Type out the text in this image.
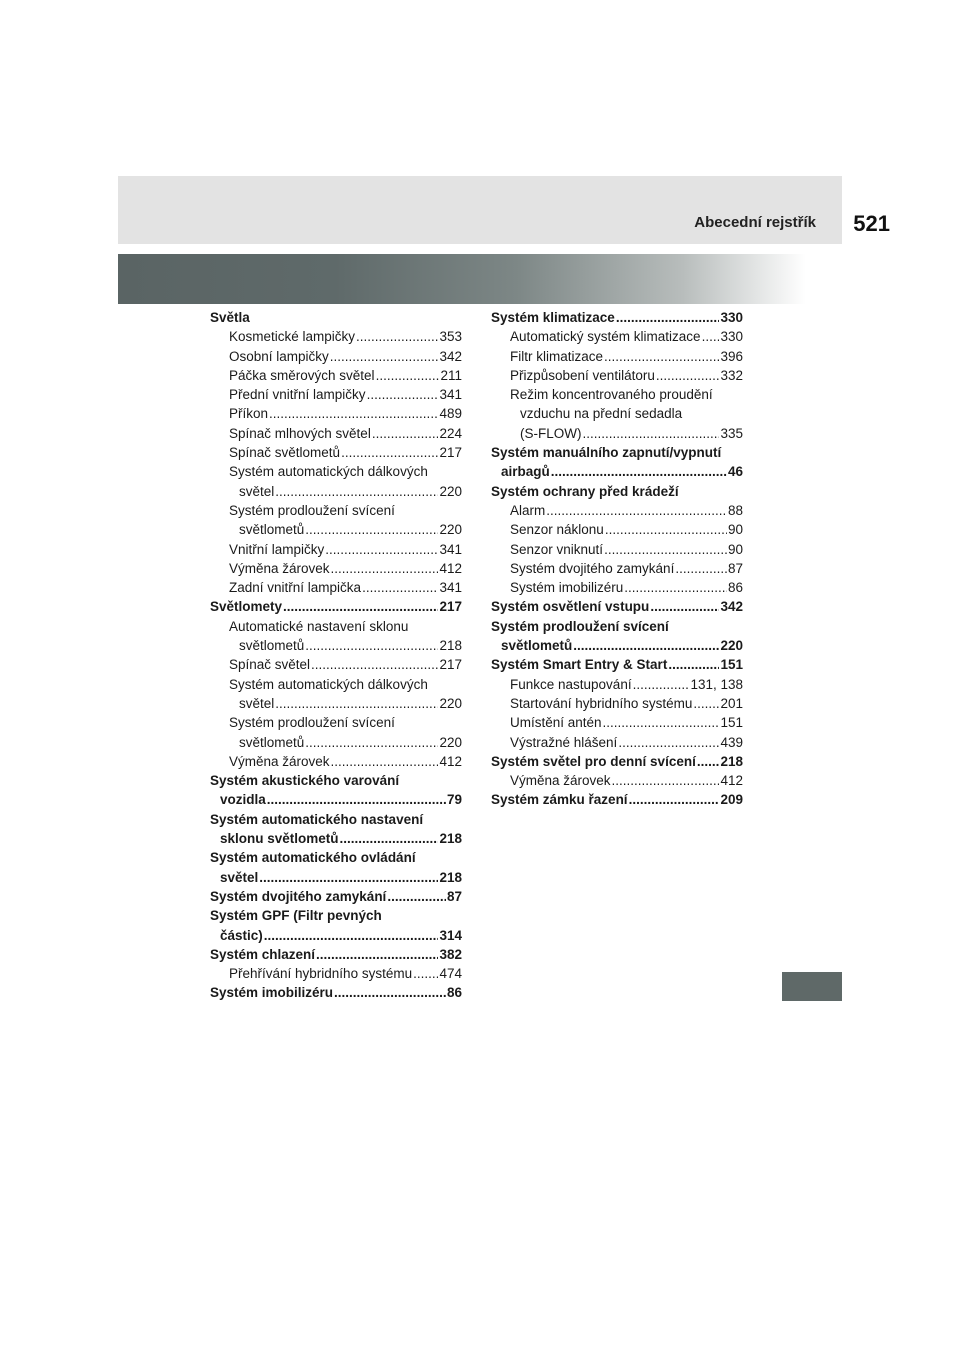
Abecední rejstřík 521
Světla
Kosmetické lampičky .....	353
Osobní lampičky .....	342
Páčka směrových světel .....	211
Přední vnitřní lampičky .....	341
Příkon .....	489
Spínač mlhových světel .....	224
Spínač světlometů .....	217
Systém automatických dálkových
světel .....	220
Systém prodloužení svícení
světlometů .....	220
Vnitřní lampičky .....	341
Výměna žárovek .....	412
Zadní vnitřní lampička .....	341
Světlomety .....	217
Automatické nastavení sklonu
světlometů .....	218
Spínač světel .....	217
Systém automatických dálkových
světel .....	220
Systém prodloužení svícení
světlometů .....	220
Výměna žárovek .....	412
Systém akustického varování
vozidla .....	79
Systém automatického nastavení
sklonu světlometů .....	218
Systém automatického ovládání
světel .....	218
Systém dvojitého zamykání .....	87
Systém GPF (Filtr pevných
částic) .....	314
Systém chlazení .....	382
Přehřívání hybridního systému ..... 474
Systém imobilizéru .....	86
Systém klimatizace .....	330
Automatický systém klimatizace ..... 330
Filtr klimatizace .....	396
Přizpůsobení ventilátoru .....	332
Režim koncentrovaného proudění
vzduchu na přední sedadla
(S-FLOW) .....	335
Systém manuálního zapnutí/vypnutí
airbagů .....	46
Systém ochrany před krádeží
Alarm .....	88
Senzor náklonu .....	90
Senzor vniknutí .....	90
Systém dvojitého zamykání .....	87
Systém imobilizéru .....	86
Systém osvětlení vstupu .....	342
Systém prodloužení svícení
světlometů .....	220
Systém Smart Entry & Start .....	151
Funkce nastupování .....	131, 138
Startování hybridního systému ..... 201
Umístění antén .....	151
Výstražné hlášení .....	439
Systém světel pro denní svícení ..... 218
Výměna žárovek .....	412
Systém zámku řazení .....	209
